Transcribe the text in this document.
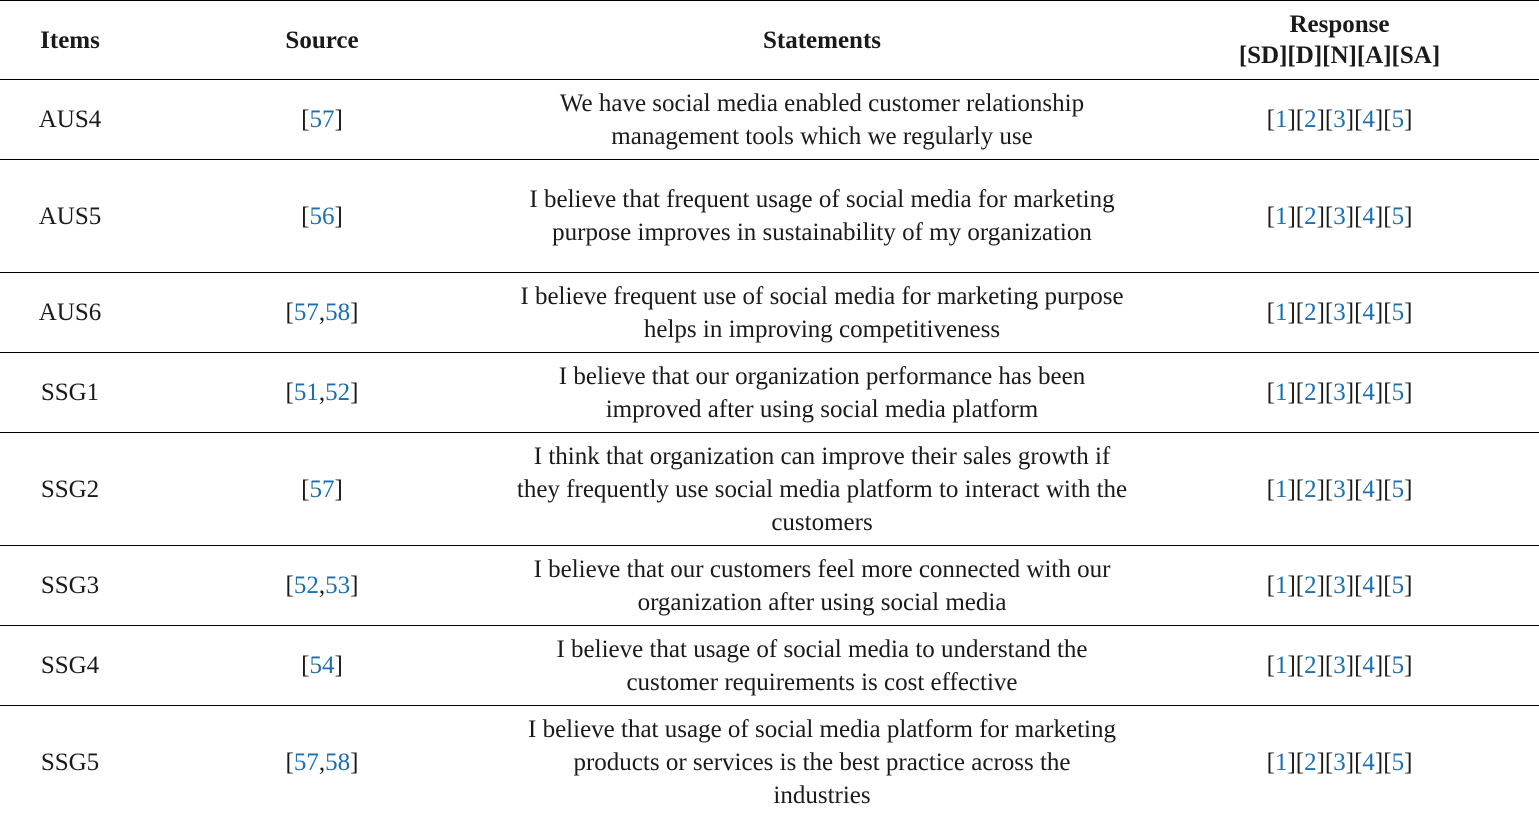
Items	Source	Statements	Response
[SD][D][N][A][SA]

AUS4	[57]	We have social media enabled customer relationship management tools which we regularly use	[1][2][3][4][5]
AUS5	[56]	I believe that frequent usage of social media for marketing purpose improves in sustainability of my organization	[1][2][3][4][5]
AUS6	[57,58]	I believe frequent use of social media for marketing purpose helps in improving competitiveness	[1][2][3][4][5]
SSG1	[51,52]	I believe that our organization performance has been improved after using social media platform	[1][2][3][4][5]
SSG2	[57]	I think that organization can improve their sales growth if they frequently use social media platform to interact with the customers	[1][2][3][4][5]
SSG3	[52,53]	I believe that our customers feel more connected with our organization after using social media	[1][2][3][4][5]
SSG4	[54]	I believe that usage of social media to understand the customer requirements is cost effective	[1][2][3][4][5]
SSG5	[57,58]	I believe that usage of social media platform for marketing products or services is the best practice across the industries	[1][2][3][4][5]
